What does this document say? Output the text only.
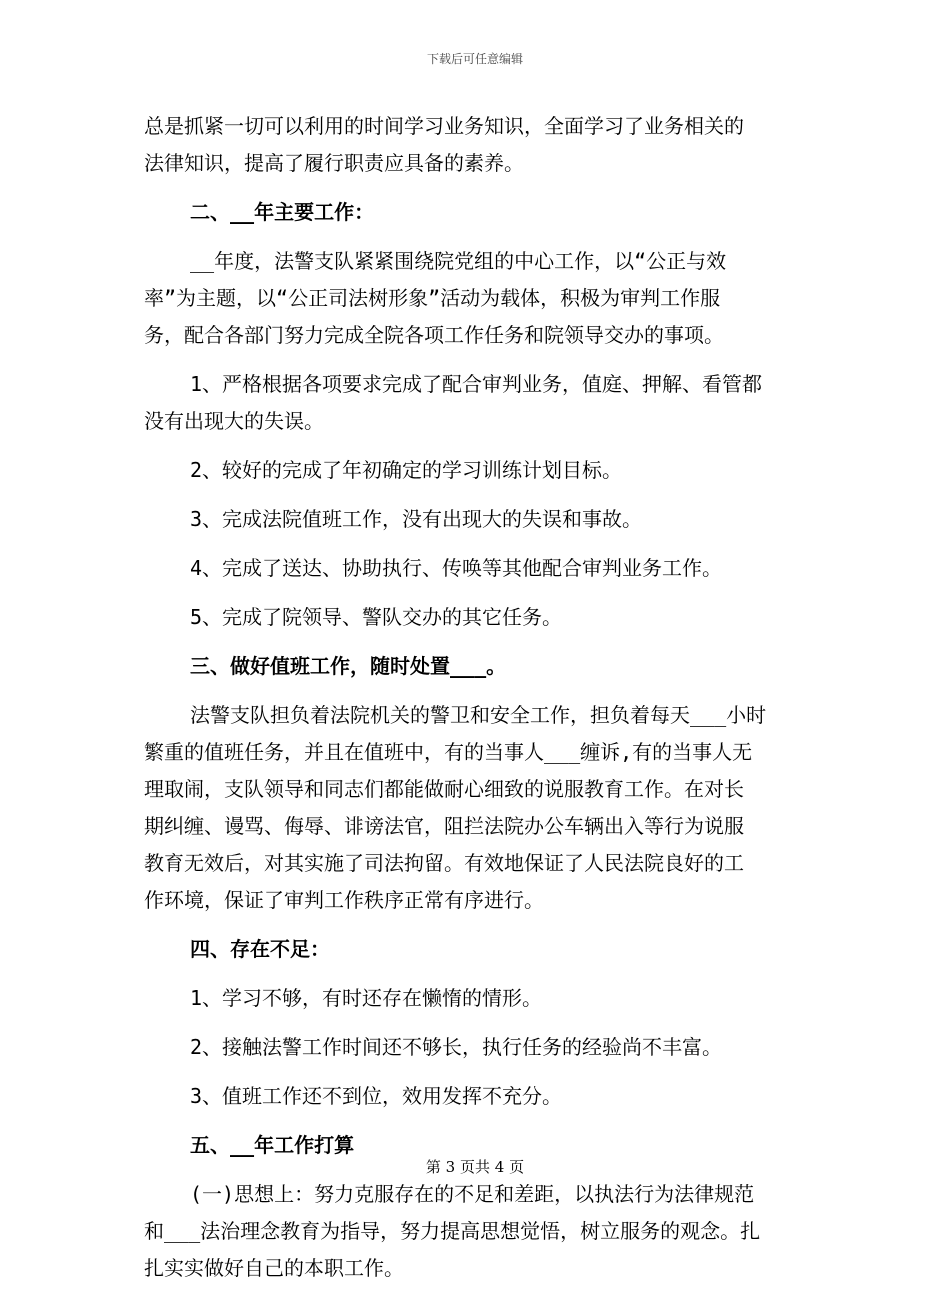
下载后可任意编辑
总是抓紧一切可以利用的时间学习业务知识，全面学习了业务相关的
法律知识，提高了履行职责应具备的素养。
二、__年主要工作：
__年度，法警支队紧紧围绕院党组的中心工作，以“公正与效
率”为主题，以“公正司法树形象”活动为载体，积极为审判工作服
务，配合各部门努力完成全院各项工作任务和院领导交办的事项。
1、严格根据各项要求完成了配合审判业务，值庭、押解、看管都
没有出现大的失误。
2、较好的完成了年初确定的学习训练计划目标。
3、完成法院值班工作，没有出现大的失误和事故。
4、完成了送达、协助执行、传唤等其他配合审判业务工作。
5、完成了院领导、警队交办的其它任务。
三、做好值班工作，随时处置___。
法警支队担负着法院机关的警卫和安全工作，担负着每天___小时
繁重的值班任务，并且在值班中，有的当事人___缠诉,有的当事人无
理取闹，支队领导和同志们都能做耐心细致的说服教育工作。在对长
期纠缠、谩骂、侮辱、诽谤法官，阻拦法院办公车辆出入等行为说服
教育无效后，对其实施了司法拘留。有效地保证了人民法院良好的工
作环境，保证了审判工作秩序正常有序进行。
四、存在不足：
1、学习不够，有时还存在懒惰的情形。
2、接触法警工作时间还不够长，执行任务的经验尚不丰富。
3、值班工作还不到位，效用发挥不充分。
五、__年工作打算
(一)思想上：努力克服存在的不足和差距，以执法行为法律规范
和___法治理念教育为指导，努力提高思想觉悟，树立服务的观念。扎
扎实实做好自己的本职工作。
第 3 页共 4 页
